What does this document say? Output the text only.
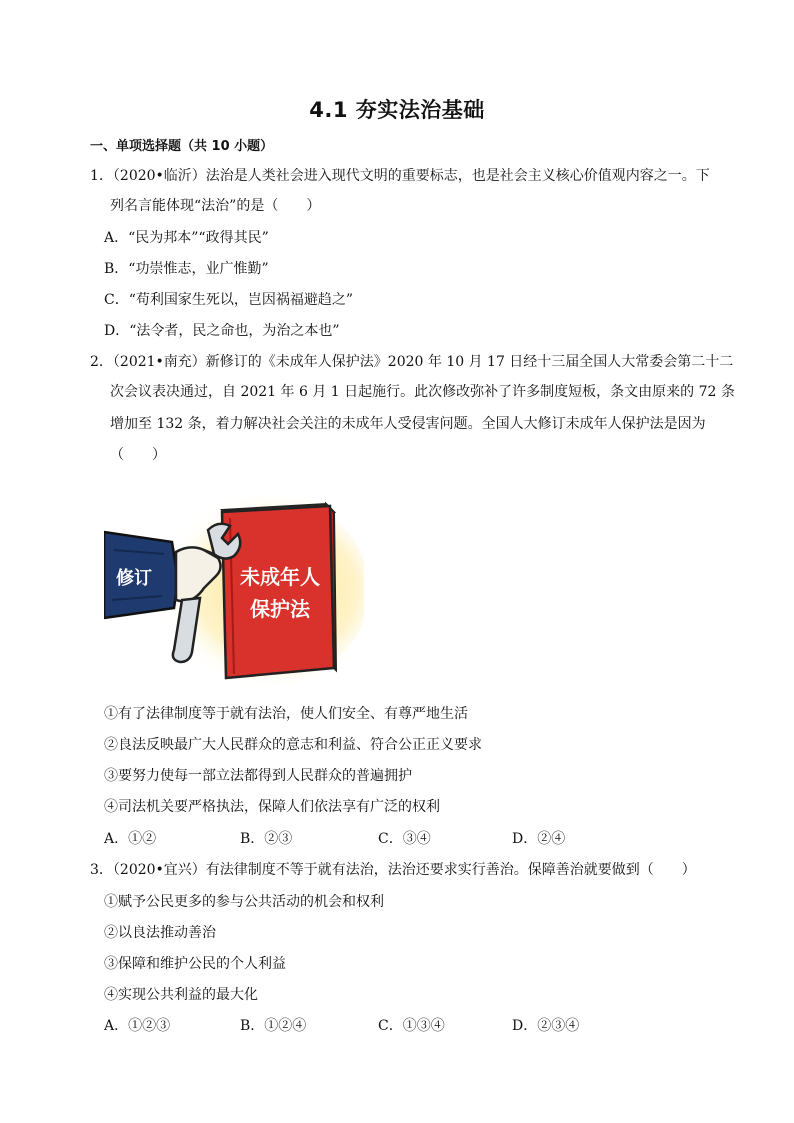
4.1 夯实法治基础
一、单项选择题（共 10 小题）
1．（2020•临沂）法治是人类社会进入现代文明的重要标志，也是社会主义核心价值观内容之一。下
列名言能体现“法治”的是（　　）
A．“民为邦本”“政得其民”
B．“功崇惟志，业广惟勤”
C．“苟利国家生死以，岂因祸福避趋之”
D．“法令者，民之命也，为治之本也”
2．（2021•南充）新修订的《未成年人保护法》2020 年 10 月 17 日经十三届全国人大常委会第二十二
次会议表决通过，自 2021 年 6 月 1 日起施行。此次修改弥补了许多制度短板，条文由原来的 72 条
增加至 132 条，着力解决社会关注的未成年人受侵害问题。全国人大修订未成年人保护法是因为
（　　）
未成年人
保护法
修订
①有了法律制度等于就有法治，使人们安全、有尊严地生活
②良法反映最广大人民群众的意志和利益、符合公正正义要求
③要努力使每一部立法都得到人民群众的普遍拥护
④司法机关要严格执法，保障人们依法享有广泛的权利
A．①②	B．②③	C．③④	D．②④
3．（2020•宜兴）有法律制度不等于就有法治，法治还要求实行善治。保障善治就要做到（　　）
①赋予公民更多的参与公共活动的机会和权利
②以良法推动善治
③保障和维护公民的个人利益
④实现公共利益的最大化
A．①②③	B．①②④	C．①③④	D．②③④
